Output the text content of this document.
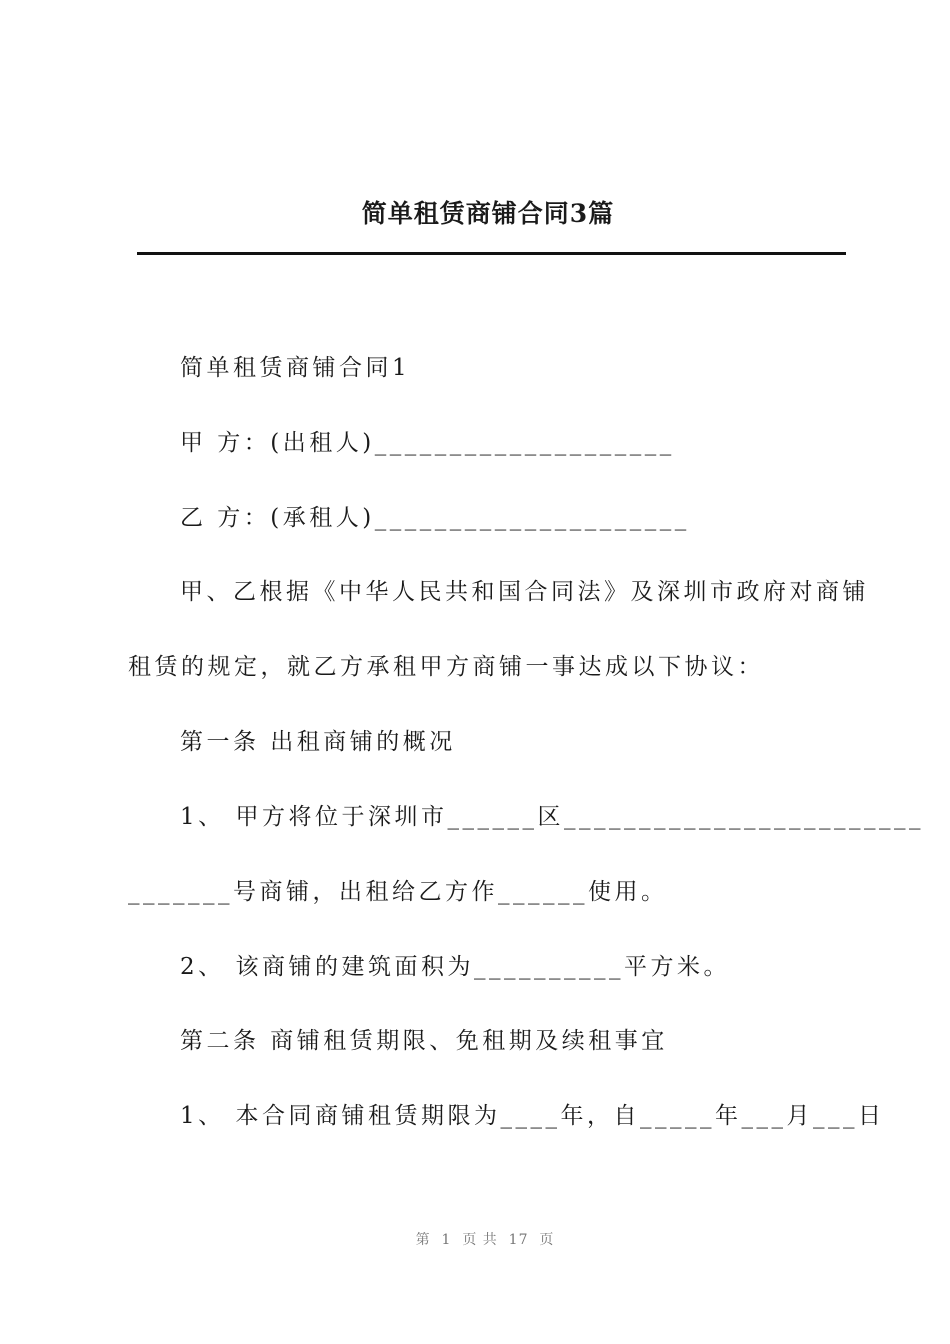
简单租赁商铺合同3篇
简单租赁商铺合同1
甲 方：(出租人)____________________
乙 方：(承租人)_____________________
甲、乙根据《中华人民共和国合同法》及深圳市政府对商铺
租赁的规定，就乙方承租甲方商铺一事达成以下协议：
第一条 出租商铺的概况
1、 甲方将位于深圳市______区________________________
_______号商铺，出租给乙方作______使用。
2、 该商铺的建筑面积为__________平方米。
第二条 商铺租赁期限、免租期及续租事宜
1、 本合同商铺租赁期限为____年，自_____年___月___日
第  1  页 共  17  页
